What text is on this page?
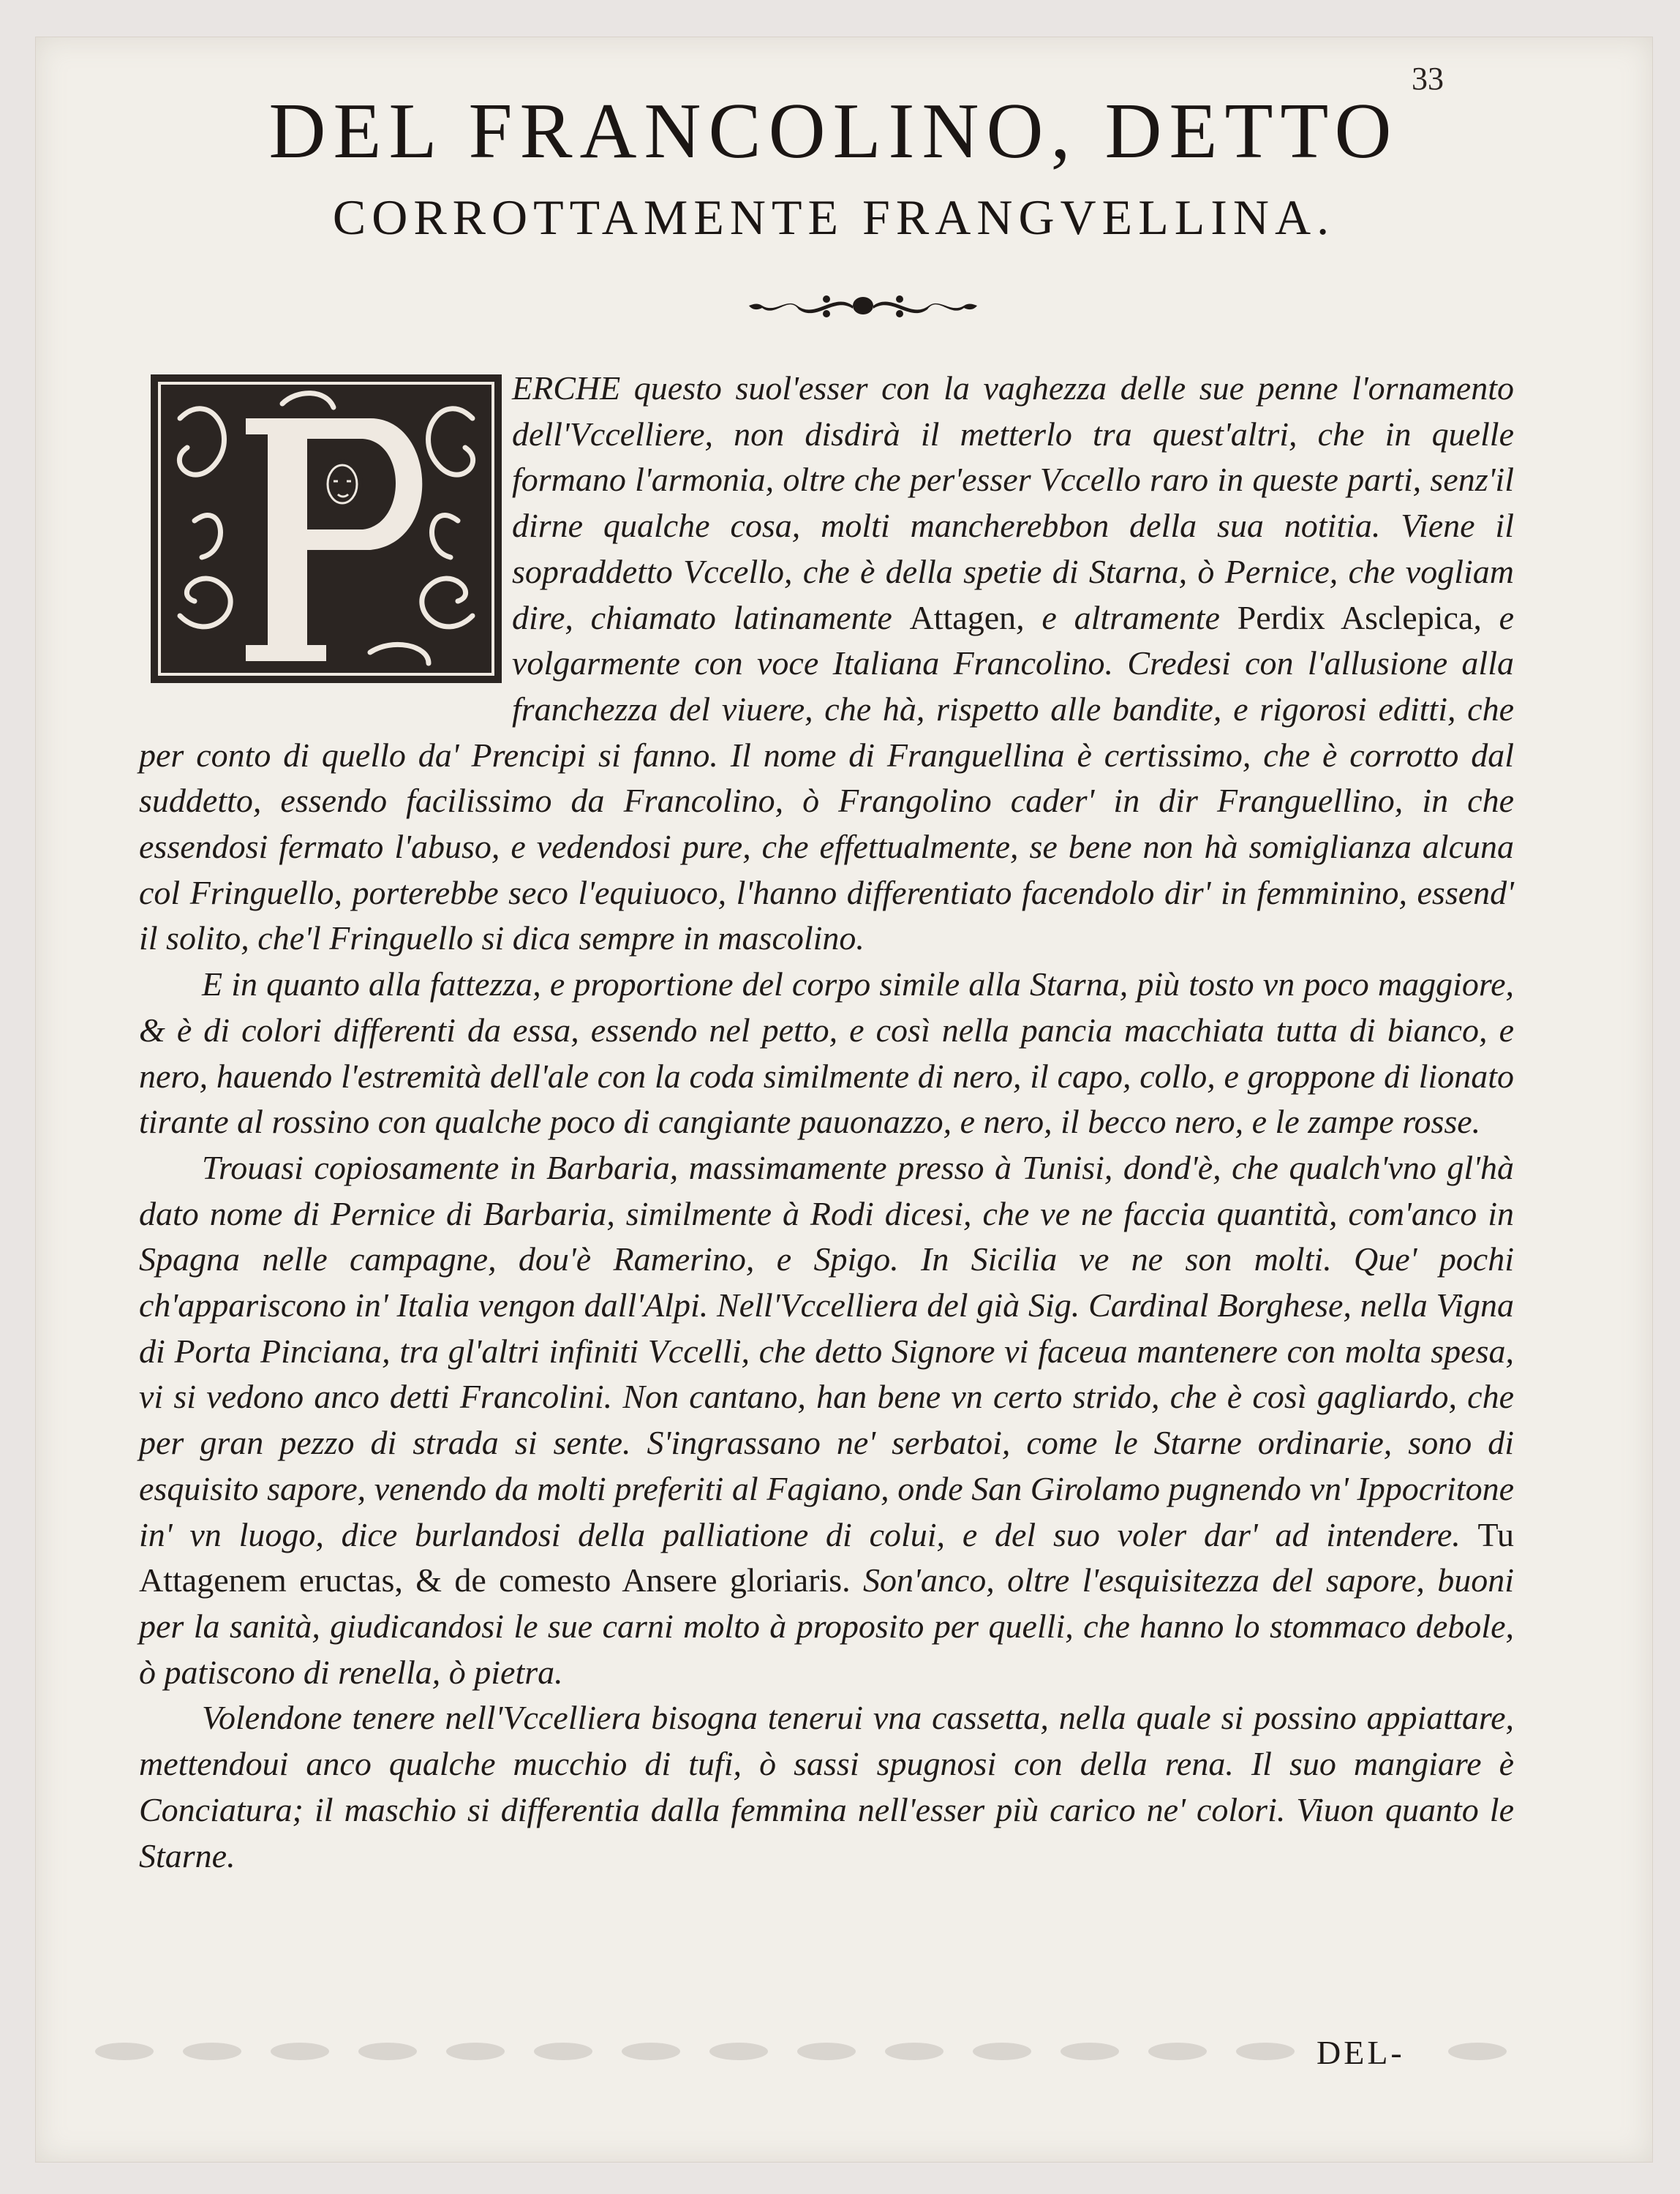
33
DEL FRANCOLINO, DETTO
CORROTTAMENTE FRANGVELLINA.

ERCHE questo suol'esser con la vaghezza delle sue penne l'ornamento dell'Vccelliere, non disdirà il metterlo tra quest'altri, che in quelle formano l'armonia, oltre che per'esser Vccello raro in queste parti, senz'il dirne qualche cosa, molti mancherebbon della sua notitia. Viene il sopraddetto Vccello, che è della spetie di Starna, ò Pernice, che vogliam dire, chiamato latinamente Attagen, e altramente Perdix Asclepica, e volgarmente con voce Italiana Francolino. Credesi con l'allusione alla franchezza del viuere, che hà, rispetto alle bandite, e rigorosi editti, che per conto di quello da' Prencipi si fanno. Il nome di Franguellina è certissimo, che è corrotto dal suddetto, essendo facilissimo da Francolino, ò Frangolino cader' in dir Franguellino, in che essendosi fermato l'abuso, e vedendosi pure, che effettualmente, se bene non hà somiglianza alcuna col Fringuello, porterebbe seco l'equiuoco, l'hanno differentiato facendolo dir' in femminino, essend' il solito, che'l Fringuello si dica sempre in mascolino.

E in quanto alla fattezza, e proportione del corpo simile alla Starna, più tosto vn poco maggiore, & è di colori differenti da essa, essendo nel petto, e così nella pancia macchiata tutta di bianco, e nero, hauendo l'estremità dell'ale con la coda similmente di nero, il capo, collo, e groppone di lionato tirante al rossino con qualche poco di cangiante pauonazzo, e nero, il becco nero, e le zampe rosse.

Trouasi copiosamente in Barbaria, massimamente presso à Tunisi, dond'è, che qualch'vno gl'hà dato nome di Pernice di Barbaria, similmente à Rodi dicesi, che ve ne faccia quantità, com'anco in Spagna nelle campagne, dou'è Ramerino, e Spigo. In Sicilia ve ne son molti. Que' pochi ch'appariscono in' Italia vengon dall'Alpi. Nell'Vccelliera del già Sig. Cardinal Borghese, nella Vigna di Porta Pinciana, tra gl'altri infiniti Vccelli, che detto Signore vi faceua mantenere con molta spesa, vi si vedono anco detti Francolini. Non cantano, han bene vn certo strido, che è così gagliardo, che per gran pezzo di strada si sente. S'ingrassano ne' serbatoi, come le Starne ordinarie, sono di esquisito sapore, venendo da molti preferiti al Fagiano, onde San Girolamo pugnendo vn' Ippocritone in' vn luogo, dice burlandosi della palliatione di colui, e del suo voler dar' ad intendere. Tu Attagenem eructas, & de comesto Ansere gloriaris. Son'anco, oltre l'esquisitezza del sapore, buoni per la sanità, giudicandosi le sue carni molto à proposito per quelli, che hanno lo stommaco debole, ò patiscono di renella, ò pietra.

Volendone tenere nell'Vccelliera bisogna tenerui vna cassetta, nella quale si possino appiattare, mettendoui anco qualche mucchio di tufi, ò sassi spugnosi con della rena. Il suo mangiare è Conciatura; il maschio si differentia dalla femmina nell'esser più carico ne' colori. Viuon quanto le Starne.

DEL-
